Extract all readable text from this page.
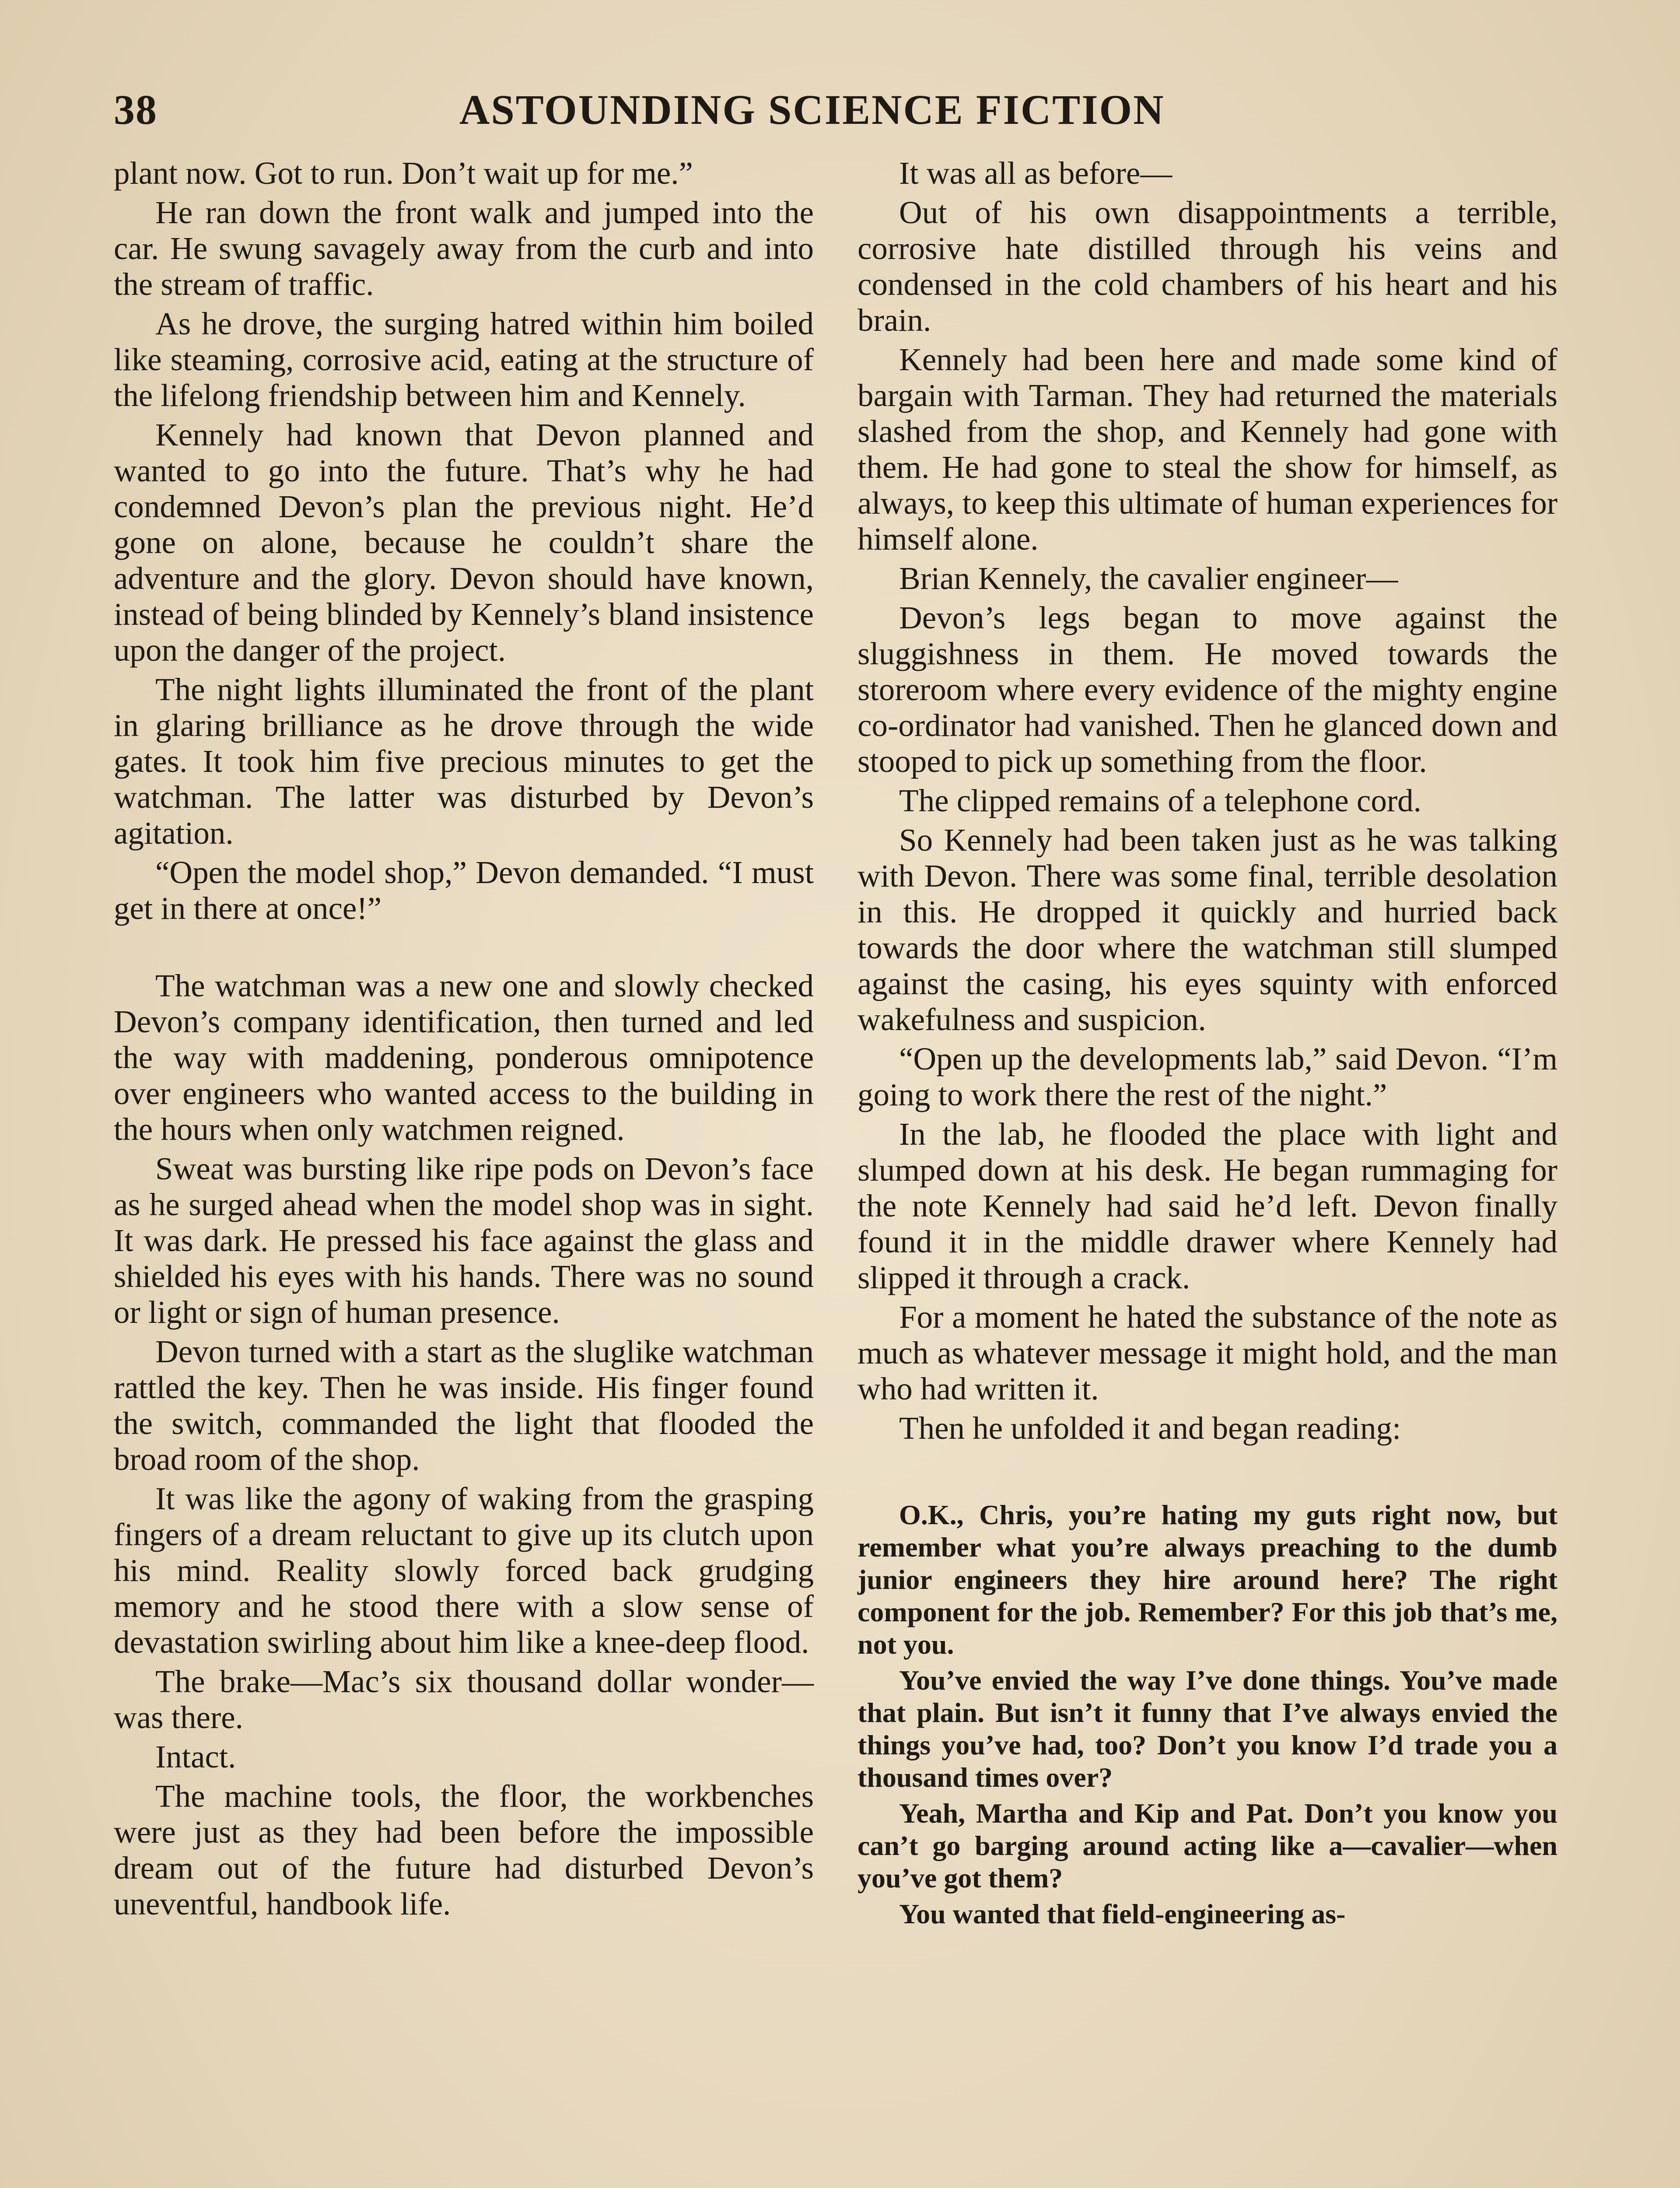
38	ASTOUNDING SCIENCE FICTION

plant now. Got to run. Don’t wait up for me.”

He ran down the front walk and jumped into the car. He swung savagely away from the curb and into the stream of traffic.

As he drove, the surging hatred within him boiled like steaming, corrosive acid, eating at the structure of the lifelong friendship between him and Kennely.

Kennely had known that Devon planned and wanted to go into the future. That’s why he had condemned Devon’s plan the previous night. He’d gone on alone, because he couldn’t share the adventure and the glory. Devon should have known, instead of being blinded by Kennely’s bland insistence upon the danger of the project.

The night lights illuminated the front of the plant in glaring brilliance as he drove through the wide gates. It took him five precious minutes to get the watchman. The latter was disturbed by Devon’s agitation.

“Open the model shop,” Devon demanded. “I must get in there at once!”

The watchman was a new one and slowly checked Devon’s company identification, then turned and led the way with maddening, ponderous omnipotence over engineers who wanted access to the building in the hours when only watchmen reigned.

Sweat was bursting like ripe pods on Devon’s face as he surged ahead when the model shop was in sight. It was dark. He pressed his face against the glass and shielded his eyes with his hands. There was no sound or light or sign of human presence.

Devon turned with a start as the sluglike watchman rattled the key. Then he was inside. His finger found the switch, commanded the light that flooded the broad room of the shop.

It was like the agony of waking from the grasping fingers of a dream reluctant to give up its clutch upon his mind. Reality slowly forced back grudging memory and he stood there with a slow sense of devastation swirling about him like a knee-deep flood.

The brake—Mac’s six thousand dollar wonder—was there.

Intact.

The machine tools, the floor, the workbenches were just as they had been before the impossible dream out of the future had disturbed Devon’s uneventful, handbook life.

It was all as before—

Out of his own disappointments a terrible, corrosive hate distilled through his veins and condensed in the cold chambers of his heart and his brain.

Kennely had been here and made some kind of bargain with Tarman. They had returned the materials slashed from the shop, and Kennely had gone with them. He had gone to steal the show for himself, as always, to keep this ultimate of human experiences for himself alone.

Brian Kennely, the cavalier engineer—

Devon’s legs began to move against the sluggishness in them. He moved towards the storeroom where every evidence of the mighty engine co-ordinator had vanished. Then he glanced down and stooped to pick up something from the floor.

The clipped remains of a telephone cord.

So Kennely had been taken just as he was talking with Devon. There was some final, terrible desolation in this. He dropped it quickly and hurried back towards the door where the watchman still slumped against the casing, his eyes squinty with enforced wakefulness and suspicion.

“Open up the developments lab,” said Devon. “I’m going to work there the rest of the night.”

In the lab, he flooded the place with light and slumped down at his desk. He began rummaging for the note Kennely had said he’d left. Devon finally found it in the middle drawer where Kennely had slipped it through a crack.

For a moment he hated the substance of the note as much as whatever message it might hold, and the man who had written it.

Then he unfolded it and began reading:

O.K., Chris, you’re hating my guts right now, but remember what you’re always preaching to the dumb junior engineers they hire around here? The right component for the job. Remember? For this job that’s me, not you.

You’ve envied the way I’ve done things. You’ve made that plain. But isn’t it funny that I’ve always envied the things you’ve had, too? Don’t you know I’d trade you a thousand times over?

Yeah, Martha and Kip and Pat. Don’t you know you can’t go barging around acting like a—cavalier—when you’ve got them?

You wanted that field-engineering as-
